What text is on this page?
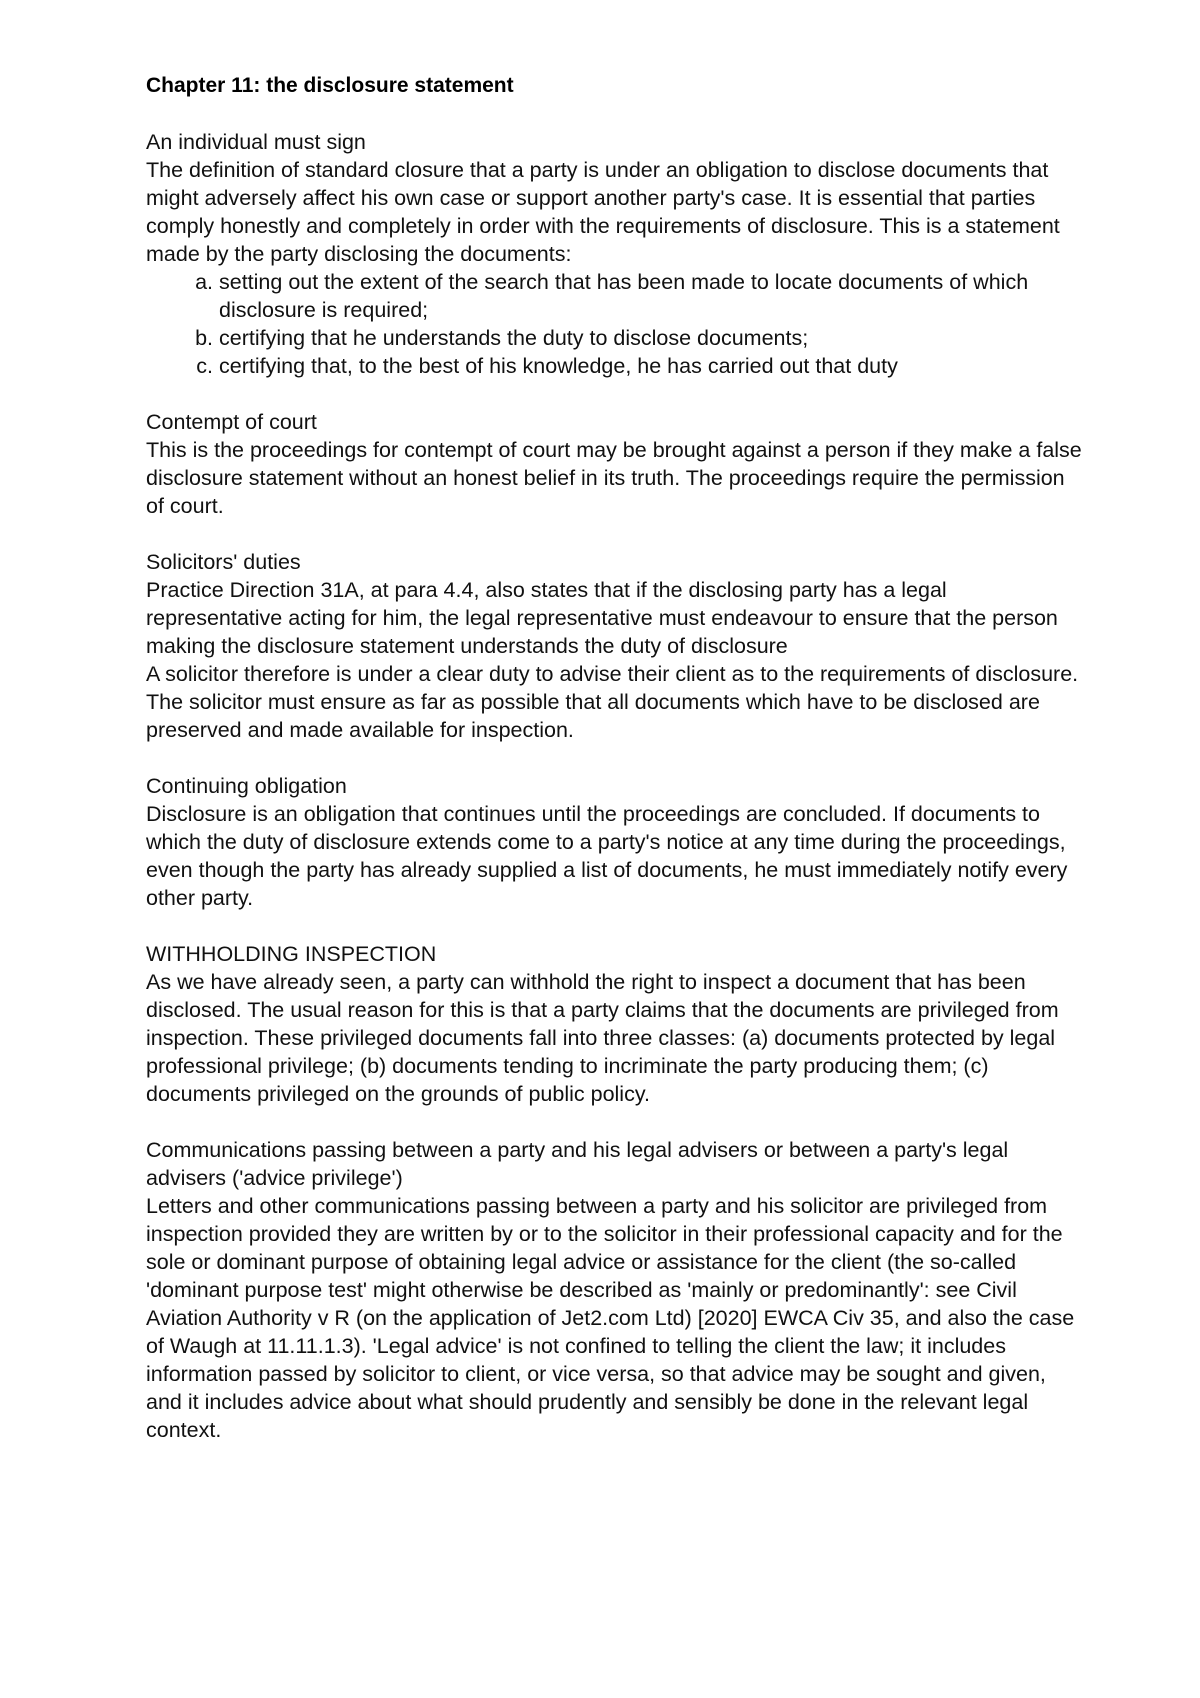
Chapter 11: the disclosure statement
An individual must sign
The definition of standard closure that a party is under an obligation to disclose documents that might adversely affect his own case or support another party's case. It is essential that parties comply honestly and completely in order with the requirements of disclosure. This is a statement made by the party disclosing the documents:
a. setting out the extent of the search that has been made to locate documents of which disclosure is required;
b. certifying that he understands the duty to disclose documents;
c. certifying that, to the best of his knowledge, he has carried out that duty
Contempt of court
This is the proceedings for contempt of court may be brought against a person if they make a false disclosure statement without an honest belief in its truth. The proceedings require the permission of court.
Solicitors' duties
Practice Direction 31A, at para 4.4, also states that if the disclosing party has a legal representative acting for him, the legal representative must endeavour to ensure that the person making the disclosure statement understands the duty of disclosure
A solicitor therefore is under a clear duty to advise their client as to the requirements of disclosure. The solicitor must ensure as far as possible that all documents which have to be disclosed are preserved and made available for inspection.
Continuing obligation
Disclosure is an obligation that continues until the proceedings are concluded. If documents to which the duty of disclosure extends come to a party's notice at any time during the proceedings, even though the party has already supplied a list of documents, he must immediately notify every other party.
WITHHOLDING INSPECTION
As we have already seen, a party can withhold the right to inspect a document that has been disclosed. The usual reason for this is that a party claims that the documents are privileged from inspection. These privileged documents fall into three classes: (a) documents protected by legal professional privilege; (b) documents tending to incriminate the party producing them; (c) documents privileged on the grounds of public policy.
Communications passing between a party and his legal advisers or between a party's legal advisers ('advice privilege')
Letters and other communications passing between a party and his solicitor are privileged from inspection provided they are written by or to the solicitor in their professional capacity and for the sole or dominant purpose of obtaining legal advice or assistance for the client (the so-called 'dominant purpose test' might otherwise be described as 'mainly or predominantly': see Civil Aviation Authority v R (on the application of Jet2.com Ltd) [2020] EWCA Civ 35, and also the case of Waugh at 11.11.1.3). 'Legal advice' is not confined to telling the client the law; it includes information passed by solicitor to client, or vice versa, so that advice may be sought and given, and it includes advice about what should prudently and sensibly be done in the relevant legal context.
